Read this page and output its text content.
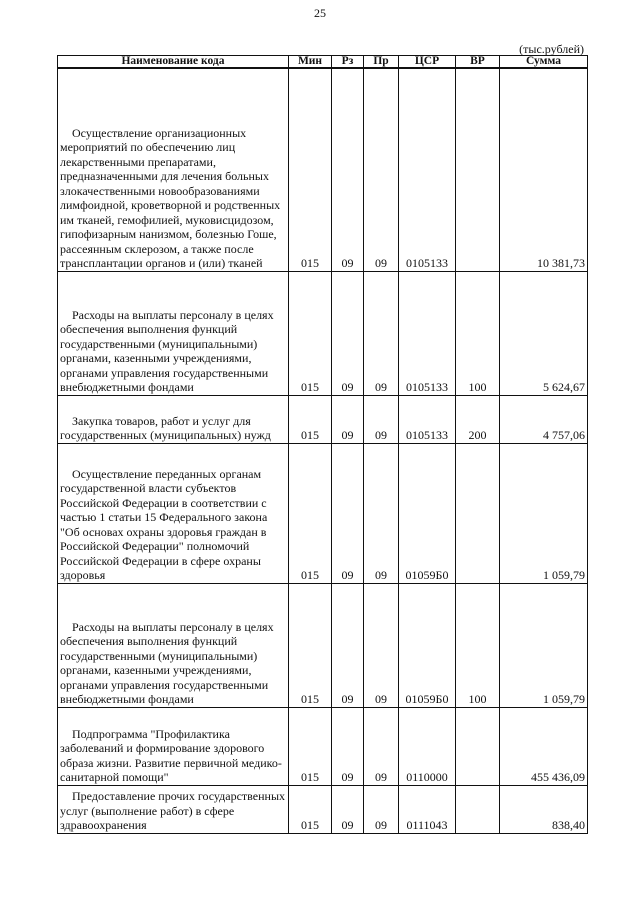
25
(тыс.рублей)
Наименование кода	Мин	Рз	Пр	ЦСР	ВР	Сумма

Осуществление организационных мероприятий по обеспечению лиц лекарственными препаратами, предназначенными для лечения больных злокачественными новообразованиями лимфоидной, кроветворной и родственных им тканей, гемофилией, муковисцидозом, гипофизарным нанизмом, болезнью Гоше, рассеянным склерозом, а также после трансплантации органов и (или) тканей	015	09	09	0105133		10 381,73

Расходы на выплаты персоналу в целях обеспечения выполнения функций государственными (муниципальными) органами, казенными учреждениями, органами управления государственными внебюджетными фондами	015	09	09	0105133	100	5 624,67

Закупка товаров, работ и услуг для государственных (муниципальных) нужд	015	09	09	0105133	200	4 757,06

Осуществление переданных органам государственной власти субъектов Российской Федерации в соответствии с частью 1 статьи 15 Федерального закона "Об основах охраны здоровья граждан в Российской Федерации" полномочий Российской Федерации в сфере охраны здоровья	015	09	09	01059Б0		1 059,79

Расходы на выплаты персоналу в целях обеспечения выполнения функций государственными (муниципальными) органами, казенными учреждениями, органами управления государственными внебюджетными фондами	015	09	09	01059Б0	100	1 059,79

Подпрограмма "Профилактика заболеваний и формирование здорового образа жизни. Развитие первичной медико-санитарной помощи"	015	09	09	0110000		455 436,09

Предоставление прочих государственных услуг (выполнение работ) в сфере здравоохранения	015	09	09	0111043		838,40
